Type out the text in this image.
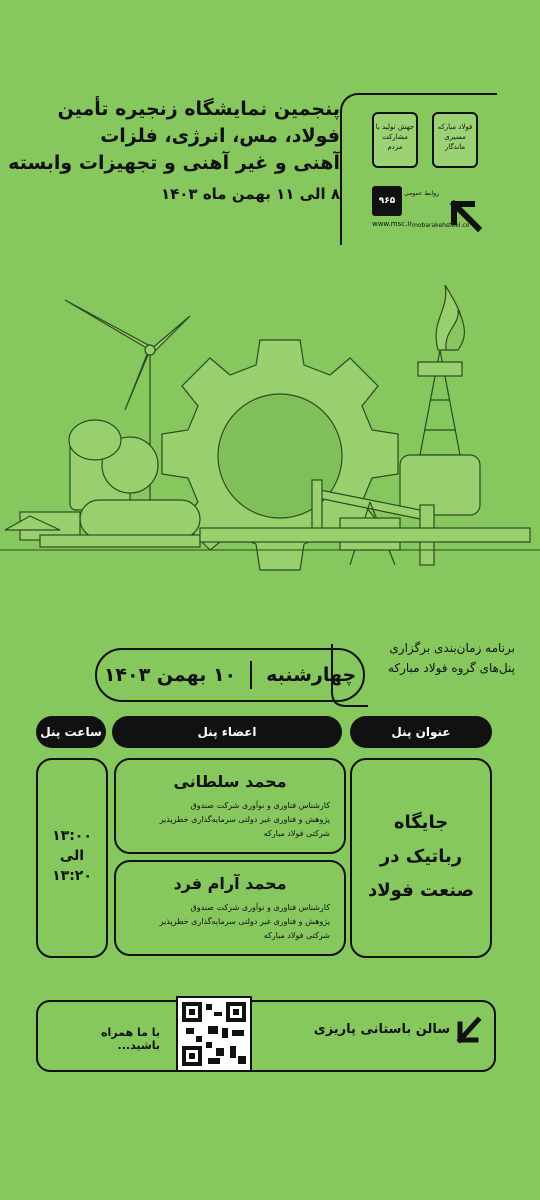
پنجمین نمایشگاه زنجیره تأمین
فولاد، مس، انرژی، فلزات
آهنی و غیر آهنی و تجهیزات وابسته
۸ الی ۱۱ بهمن ماه ۱۴۰۳
جهش تولید با مشارکت مردم
فولاد مبارکه مسیری ماندگار
۹۶۵
روابط عمومی
www.msc.ir mobarakehsteel.co
برنامه زمان‌بندی برگزاری
پنل‌های گروه فولاد مبارکه
چهارشنبه
۱۰ بهمن ۱۴۰۳
عنوان پنل
اعضاء پنل
ساعت پنل
جایگاه
رباتیک در
صنعت فولاد
محمد سلطانی
کارشناس فناوری و نوآوری شرکت صندوق
پژوهش و فناوری غیر دولتی سرمایه‌گذاری خطرپذیر
شرکتی فولاد مبارکه
محمد آرام فرد
کارشناس فناوری و نوآوری شرکت صندوق
پژوهش و فناوری غیر دولتی سرمایه‌گذاری خطرپذیر
شرکتی فولاد مبارکه
۱۳:۰۰
الی
۱۳:۲۰
سالن باستانی پاریزی
با ما همراه باشید...
